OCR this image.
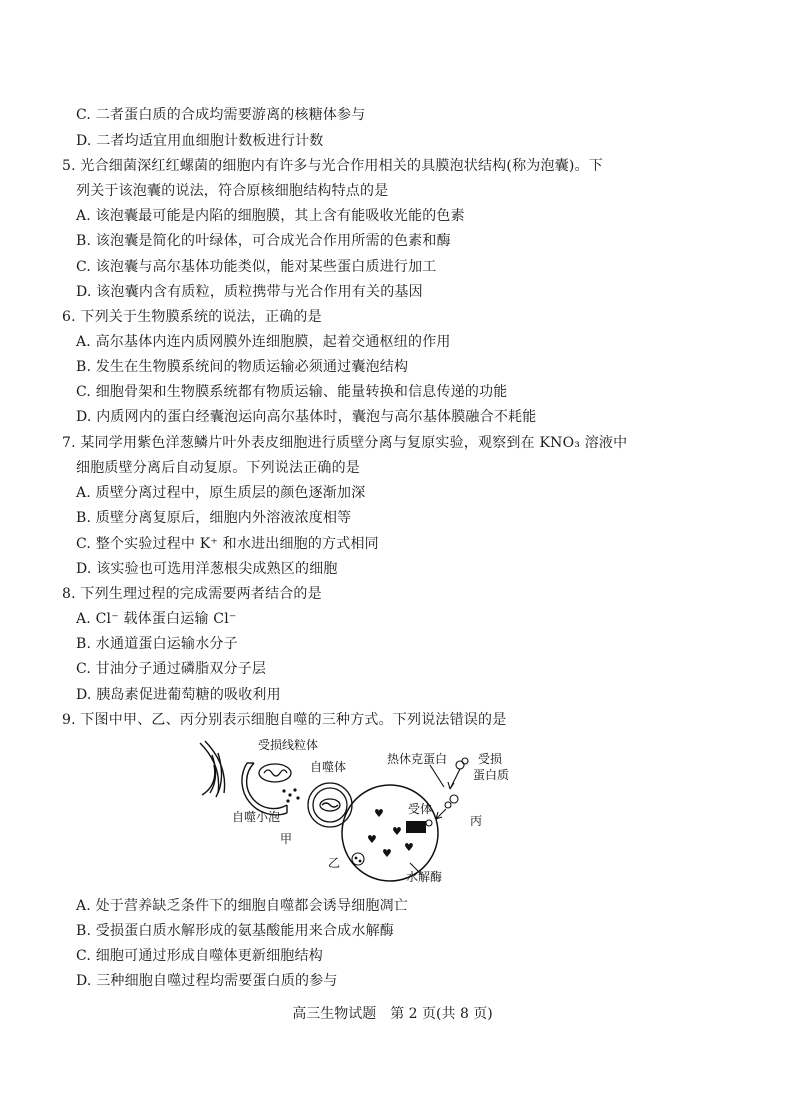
C. 二者蛋白质的合成均需要游离的核糖体参与
D. 二者均适宜用血细胞计数板进行计数
5. 光合细菌深红红螺菌的细胞内有许多与光合作用相关的具膜泡状结构(称为泡囊)。下
列关于该泡囊的说法，符合原核细胞结构特点的是
A. 该泡囊最可能是内陷的细胞膜，其上含有能吸收光能的色素
B. 该泡囊是简化的叶绿体，可合成光合作用所需的色素和酶
C. 该泡囊与高尔基体功能类似，能对某些蛋白质进行加工
D. 该泡囊内含有质粒，质粒携带与光合作用有关的基因
6. 下列关于生物膜系统的说法，正确的是
A. 高尔基体内连内质网膜外连细胞膜，起着交通枢纽的作用
B. 发生在生物膜系统间的物质运输必须通过囊泡结构
C. 细胞骨架和生物膜系统都有物质运输、能量转换和信息传递的功能
D. 内质网内的蛋白经囊泡运向高尔基体时，囊泡与高尔基体膜融合不耗能
7. 某同学用紫色洋葱鳞片叶外表皮细胞进行质壁分离与复原实验，观察到在 KNO₃ 溶液中
细胞质壁分离后自动复原。下列说法正确的是
A. 质壁分离过程中，原生质层的颜色逐渐加深
B. 质壁分离复原后，细胞内外溶液浓度相等
C. 整个实验过程中 K⁺ 和水进出细胞的方式相同
D. 该实验也可选用洋葱根尖成熟区的细胞
8. 下列生理过程的完成需要两者结合的是
A. Cl⁻ 载体蛋白运输 Cl⁻
B. 水通道蛋白运输水分子
C. 甘油分子通过磷脂双分子层
D. 胰岛素促进葡萄糖的吸收利用
9. 下图中甲、乙、丙分别表示细胞自噬的三种方式。下列说法错误的是
♥
♥
♥
♥ ♥
受损线粒体
自噬体
自噬小泡
甲
乙
丙
热休克蛋白	受损
蛋白质
受体
水解酶
A. 处于营养缺乏条件下的细胞自噬都会诱导细胞凋亡
B. 受损蛋白质水解形成的氨基酸能用来合成水解酶
C. 细胞可通过形成自噬体更新细胞结构
D. 三种细胞自噬过程均需要蛋白质的参与
高三生物试题　第 2 页(共 8 页)
